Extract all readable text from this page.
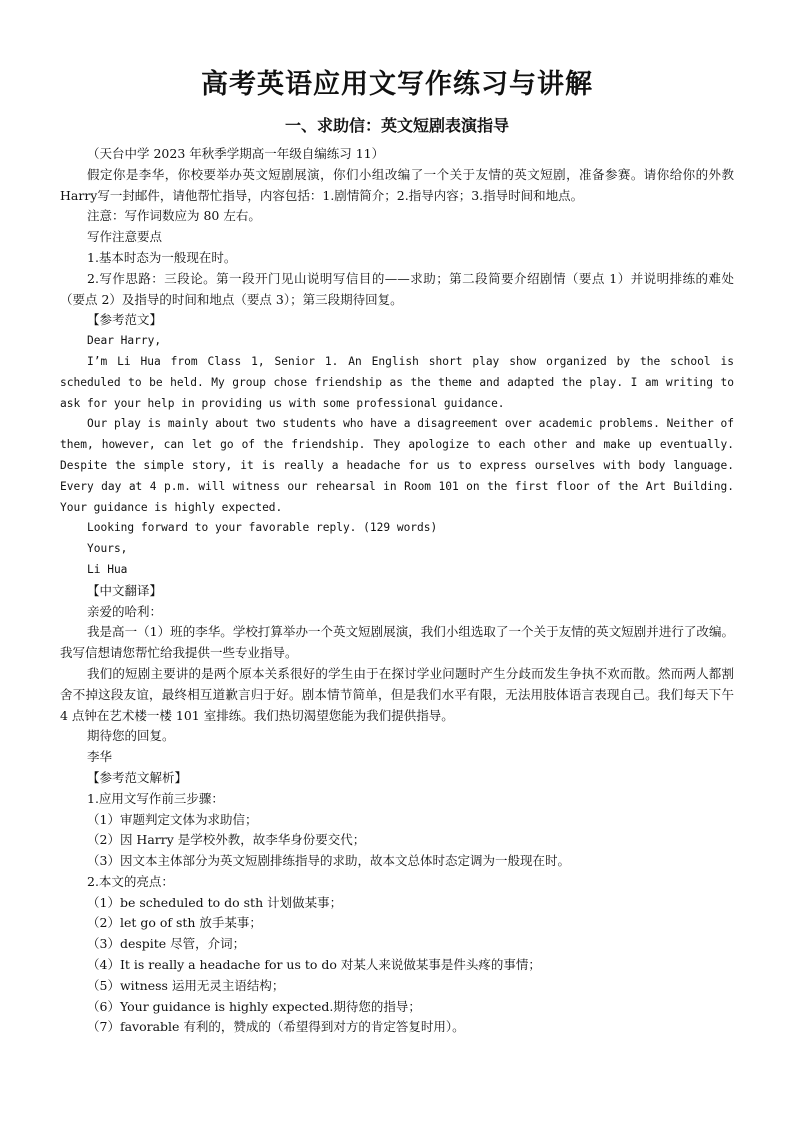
高考英语应用文写作练习与讲解
一、求助信：英文短剧表演指导

（天台中学 2023 年秋季学期高一年级自编练习 11）

假定你是李华，你校要举办英文短剧展演，你们小组改编了一个关于友情的英文短剧，准备参赛。请你给你的外教 Harry写一封邮件，请他帮忙指导，内容包括：1.剧情简介；2.指导内容；3.指导时间和地点。

注意：写作词数应为 80 左右。

写作注意要点

1.基本时态为一般现在时。

2.写作思路：三段论。第一段开门见山说明写信目的——求助；第二段简要介绍剧情（要点 1）并说明排练的难处（要点 2）及指导的时间和地点（要点 3）；第三段期待回复。

【参考范文】

Dear Harry,

I’m Li Hua from Class 1, Senior 1. An English short play show organized by the school is scheduled to be held. My group chose friendship as the theme and adapted the play. I am writing to ask for your help in providing us with some professional guidance.

Our play is mainly about two students who have a disagreement over academic problems. Neither of them, however, can let go of the friendship. They apologize to each other and make up eventually. Despite the simple story, it is really a headache for us to express ourselves with body language. Every day at 4 p.m. will witness our rehearsal in Room 101 on the first floor of the Art Building. Your guidance is highly expected.

Looking forward to your favorable reply. (129 words)

Yours,

Li Hua

【中文翻译】

亲爱的哈利：

我是高一（1）班的李华。学校打算举办一个英文短剧展演，我们小组选取了一个关于友情的英文短剧并进行了改编。我写信想请您帮忙给我提供一些专业指导。

我们的短剧主要讲的是两个原本关系很好的学生由于在探讨学业问题时产生分歧而发生争执不欢而散。然而两人都割舍不掉这段友谊，最终相互道歉言归于好。剧本情节简单，但是我们水平有限，无法用肢体语言表现自己。我们每天下午 4 点钟在艺术楼一楼 101 室排练。我们热切渴望您能为我们提供指导。

期待您的回复。

李华

【参考范文解析】

1.应用文写作前三步骤：

（1）审题判定文体为求助信；

（2）因 Harry 是学校外教，故李华身份要交代；

（3）因文本主体部分为英文短剧排练指导的求助，故本文总体时态定调为一般现在时。

2.本文的亮点：

（1）be scheduled to do sth 计划做某事；

（2）let go of sth 放手某事；

（3）despite 尽管，介词；

（4）It is really a headache for us to do 对某人来说做某事是件头疼的事情；

（5）witness 运用无灵主语结构；

（6）Your guidance is highly expected.期待您的指导；

（7）favorable 有利的，赞成的（希望得到对方的肯定答复时用）。
